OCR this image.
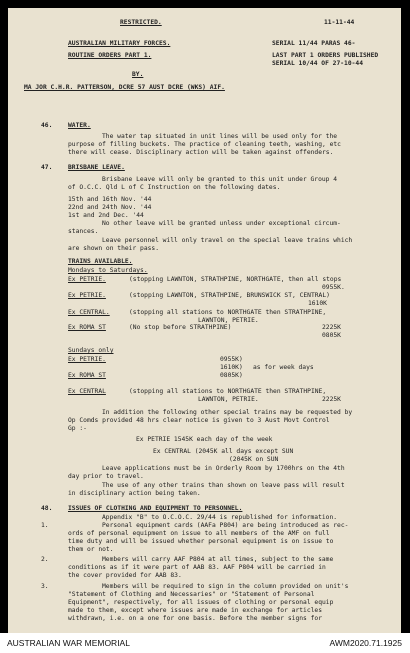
RESTRICTED.	11-11-44
AUSTRALIAN MILITARY FORCES.	SERIAL 11/44 PARAS 46-
ROUTINE ORDERS PART 1.	LAST PART 1 ORDERS PUBLISHED
SERIAL 10/44 OF 27-10-44
BY.
MA JOR C.H.R. PATTERSON, DCRE 57 AUST DCRE (WKS) AIF.
46. WATER.
The water tap situated in unit lines will be used only for the
purpose of filling buckets. The practice of cleaning teeth, washing, etc
there will cease. Disciplinary action will be taken against offenders.
47. BRISBANE LEAVE.
Brisbane Leave will only be granted to this unit under Group 4
of O.C.C. Qld L of C Instruction on the following dates.
15th and 16th Nov. '44
22nd and 24th Nov. '44
1st and 2nd Dec. '44
No other leave will be granted unless under exceptional circum-
stances.
Leave personnel will only travel on the special leave trains which
are shown on their pass.
TRAINS AVAILABLE.
Mondays to Saturdays.
Ex PETRIE.	(stopping LAWNTON, STRATHPINE, NORTHGATE, then all stops
0955K.
Ex PETRIE.	(stopping LAWNTON, STRATHPINE, BRUNSWICK ST, CENTRAL)
1610K
Ex CENTRAL.	(stopping all stations to NORTHGATE then STRATHPINE,
LAWNTON, PETRIE.
2225K
Ex ROMA ST	(No stop before STRATHPINE)
0805K
Sundays only
Ex PETRIE.	0955K)
1610K) as for week days
Ex ROMA ST	0805K)
Ex CENTRAL	(stopping all stations to NORTHGATE then STRATHPINE,
LAWNTON, PETRIE.	2225K
In addition the following other special trains may be requested by
Op Comds provided 48 hrs clear notice is given to 3 Aust Movt Control
Gp :-
Ex PETRIE 1545K each day of the week
Ex CENTRAL (2045K all days except SUN
(2045K on SUN
Leave applications must be in Orderly Room by 1700hrs on the 4th
day prior to travel.
The use of any other trains than shown on leave pass will result
in disciplinary action being taken.
48. ISSUES OF CLOTHING AND EQUIPMENT TO PERSONNEL.
Appendix "B" to O.C.O.C. 29/44 is republished for information.
1.	Personal equipment cards (AAFa P804) are being introduced as rec-
ords of personal equipment on issue to all members of the AMF on full
time duty and will be issued whether personal equipment is on issue to
them or not.
2.	Members will carry AAF P804 at all times, subject to the same
conditions as if it were part of AAB 83. AAF P804 will be carried in
the cover provided for AAB 83.
3.	Members will be required to sign in the column provided on unit's
"Statement of Clothing and Necessaries" or "Statement of Personal
Equipment", respectively, for all issues of clothing or personal equip
made to them, except where issues are made in exchange for articles
withdrawn, i.e. on a one for one basis. Before the member signs for
AUSTRALIAN WAR MEMORIAL	AWM2020.71.1925
